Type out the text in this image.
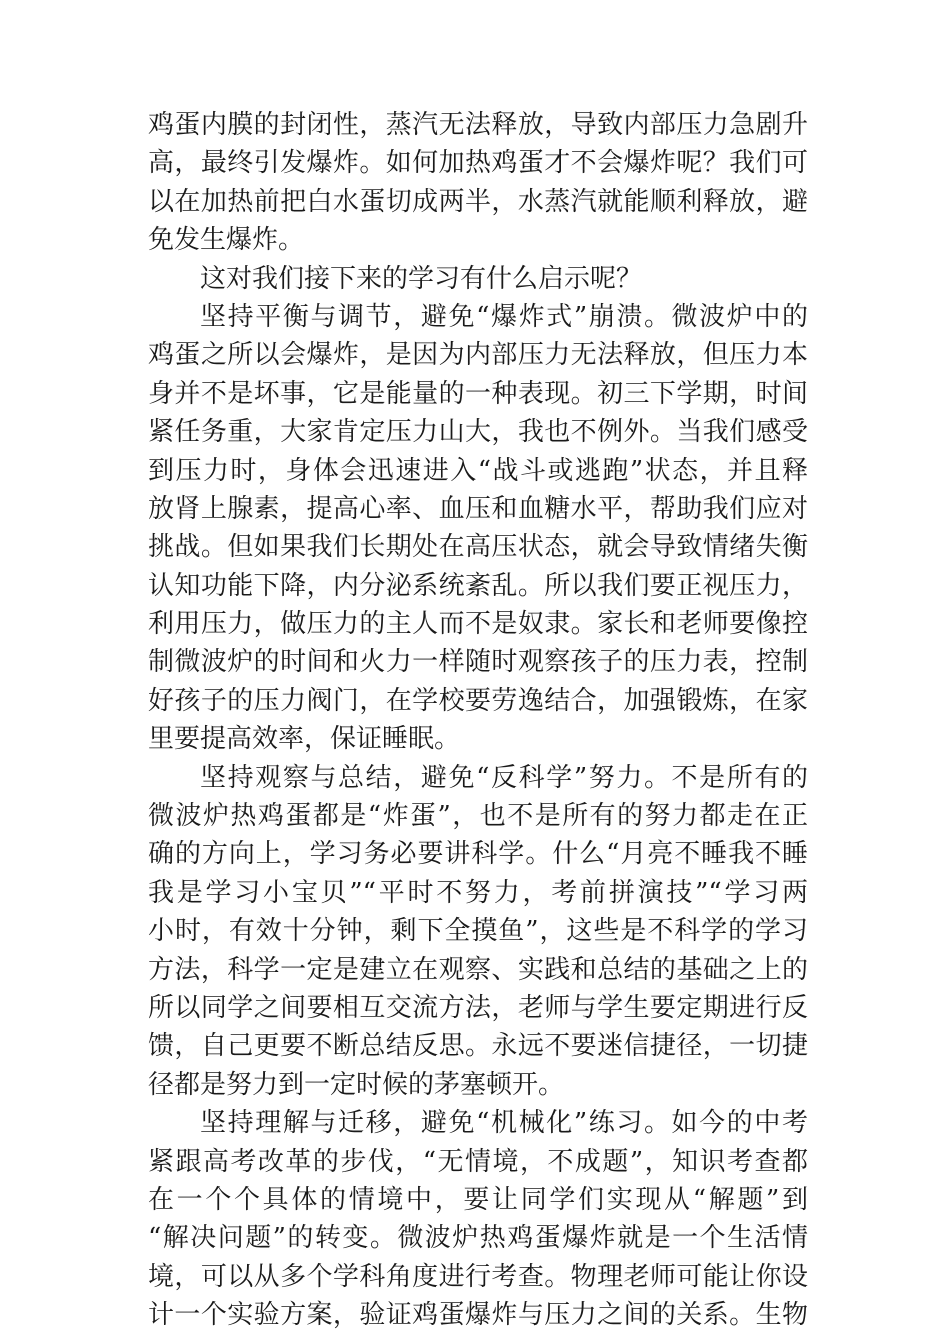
鸡蛋内膜的封闭性，蒸汽无法释放，导致内部压力急剧升
高，最终引发爆炸。如何加热鸡蛋才不会爆炸呢？我们可
以在加热前把白水蛋切成两半，水蒸汽就能顺利释放，避
免发生爆炸。
这对我们接下来的学习有什么启示呢？
坚持平衡与调节，避免“爆炸式”崩溃。微波炉中的
鸡蛋之所以会爆炸，是因为内部压力无法释放，但压力本
身并不是坏事，它是能量的一种表现。初三下学期，时间
紧任务重，大家肯定压力山大，我也不例外。当我们感受
到压力时，身体会迅速进入“战斗或逃跑”状态，并且释
放肾上腺素，提高心率、血压和血糖水平，帮助我们应对
挑战。但如果我们长期处在高压状态，就会导致情绪失衡
认知功能下降，内分泌系统紊乱。所以我们要正视压力，
利用压力，做压力的主人而不是奴隶。家长和老师要像控
制微波炉的时间和火力一样随时观察孩子的压力表，控制
好孩子的压力阀门，在学校要劳逸结合，加强锻炼，在家
里要提高效率，保证睡眠。
坚持观察与总结，避免“反科学”努力。不是所有的
微波炉热鸡蛋都是“炸蛋”，也不是所有的努力都走在正
确的方向上，学习务必要讲科学。什么“月亮不睡我不睡
我是学习小宝贝”“平时不努力，考前拼演技”“学习两
小时，有效十分钟，剩下全摸鱼”，这些是不科学的学习
方法，科学一定是建立在观察、实践和总结的基础之上的
所以同学之间要相互交流方法，老师与学生要定期进行反
馈，自己更要不断总结反思。永远不要迷信捷径，一切捷
径都是努力到一定时候的茅塞顿开。
坚持理解与迁移，避免“机械化”练习。如今的中考
紧跟高考改革的步伐，“无情境，不成题”，知识考查都
在一个个具体的情境中，要让同学们实现从“解题”到
“解决问题”的转变。微波炉热鸡蛋爆炸就是一个生活情
境，可以从多个学科角度进行考查。物理老师可能让你设
计一个实验方案，验证鸡蛋爆炸与压力之间的关系。生物
